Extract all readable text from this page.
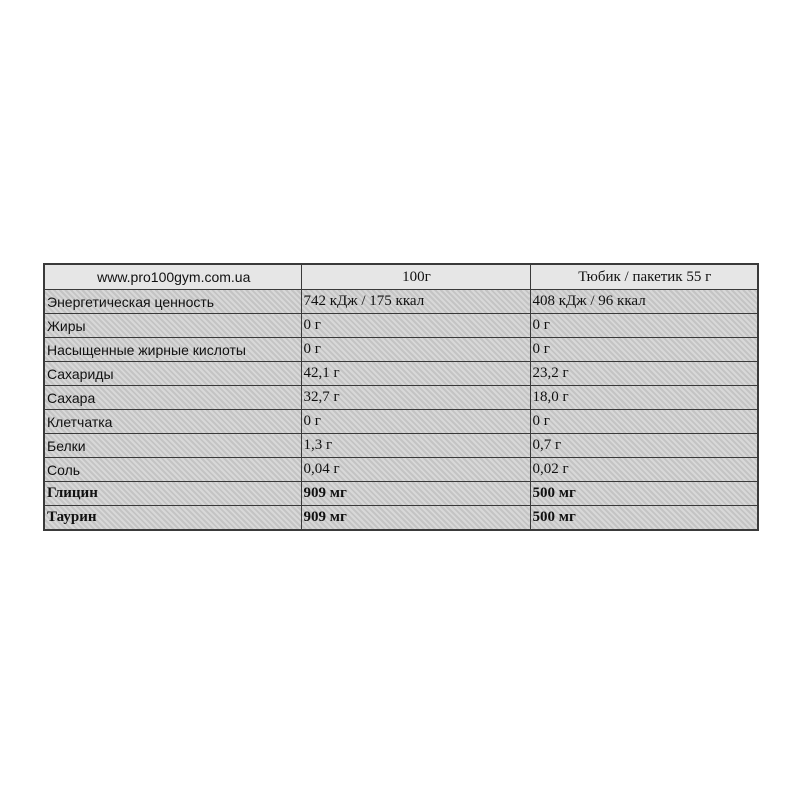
www.pro100gym.com.ua	100г	Тюбик / пакетик 55 г
Энергетическая ценность	742 кДж / 175 ккал	408 кДж / 96 ккал
Жиры	0 г	0 г
Насыщенные жирные кислоты	0 г	0 г
Сахариды	42,1 г	23,2 г
Сахара	32,7 г	18,0 г
Клетчатка	0 г	0 г
Белки	1,3 г	0,7 г
Соль	0,04 г	0,02 г
Глицин	909 мг	500 мг
Таурин	909 мг	500 мг
